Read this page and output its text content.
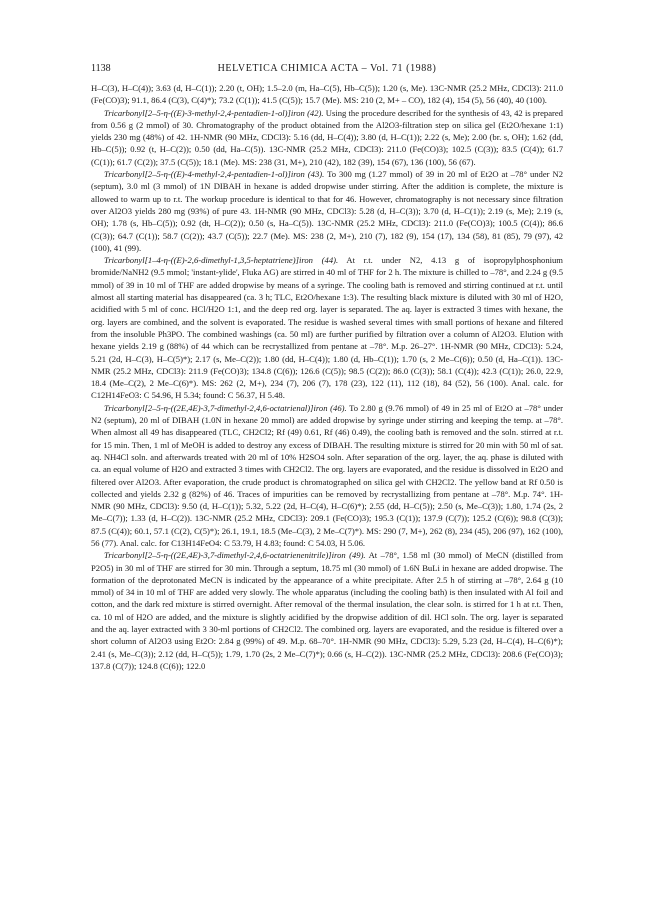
1138	HELVETICA CHIMICA ACTA – Vol. 71 (1988)

H–C(3), H–C(4)); 3.63 (d, H–C(1)); 2.20 (t, OH); 1.5–2.0 (m, Ha–C(5), Hb–C(5)); 1.20 (s, Me). 13C-NMR (25.2 MHz, CDCl3): 211.0 (Fe(CO)3); 91.1, 86.4 (C(3), C(4)*); 73.2 (C(1)); 41.5 (C(5)); 15.7 (Me). MS: 210 (2, M+ – CO), 182 (4), 154 (5), 56 (40), 40 (100).

Tricarbonyl[2–5-η-((E)-3-methyl-2,4-pentadien-1-ol)]iron (42). Using the procedure described for the synthesis of 43, 42 is prepared from 0.56 g (2 mmol) of 30. Chromatography of the product obtained from the Al2O3-filtration step on silica gel (Et2O/hexane 1:1) yields 230 mg (48%) of 42. 1H-NMR (90 MHz, CDCl3): 5.16 (dd, H–C(4)); 3.80 (d, H–C(1)); 2.22 (s, Me); 2.00 (br. s, OH); 1.62 (dd, Hb–C(5)); 0.92 (t, H–C(2)); 0.50 (dd, Ha–C(5)). 13C-NMR (25.2 MHz, CDCl3): 211.0 (Fe(CO)3); 102.5 (C(3)); 83.5 (C(4)); 61.7 (C(1)); 61.7 (C(2)); 37.5 (C(5)); 18.1 (Me). MS: 238 (31, M+), 210 (42), 182 (39), 154 (67), 136 (100), 56 (67).

Tricarbonyl[2–5-η-((E)-4-methyl-2,4-pentadien-1-ol)]iron (43). To 300 mg (1.27 mmol) of 39 in 20 ml of Et2O at –78° under N2 (septum), 3.0 ml (3 mmol) of 1N DIBAH in hexane is added dropwise under stirring. After the addition is complete, the mixture is allowed to warm up to r.t. The workup procedure is identical to that for 46. However, chromatography is not necessary since filtration over Al2O3 yields 280 mg (93%) of pure 43. 1H-NMR (90 MHz, CDCl3): 5.28 (d, H–C(3)); 3.70 (d, H–C(1)); 2.19 (s, Me); 2.19 (s, OH); 1.78 (s, Hb–C(5)); 0.92 (dt, H–C(2)); 0.50 (s, Ha–C(5)). 13C-NMR (25.2 MHz, CDCl3): 211.0 (Fe(CO)3); 100.5 (C(4)); 86.6 (C(3)); 64.7 (C(1)); 58.7 (C(2)); 43.7 (C(5)); 22.7 (Me). MS: 238 (2, M+), 210 (7), 182 (9), 154 (17), 134 (58), 81 (85), 79 (97), 42 (100), 41 (99).

Tricarbonyl[1–4-η-((E)-2,6-dimethyl-1,3,5-heptatriene)]iron (44). At r.t. under N2, 4.13 g of isopropylphosphonium bromide/NaNH2 (9.5 mmol; 'instant-ylide', Fluka AG) are stirred in 40 ml of THF for 2 h. The mixture is chilled to –78°, and 2.24 g (9.5 mmol) of 39 in 10 ml of THF are added dropwise by means of a syringe. The cooling bath is removed and stirring continued at r.t. until almost all starting material has disappeared (ca. 3 h; TLC, Et2O/hexane 1:3). The resulting black mixture is diluted with 30 ml of H2O, acidified with 5 ml of conc. HCl/H2O 1:1, and the deep red org. layer is separated. The aq. layer is extracted 3 times with hexane, the org. layers are combined, and the solvent is evaporated. The residue is washed several times with small portions of hexane and filtered from the insoluble Ph3PO. The combined washings (ca. 50 ml) are further purified by filtration over a column of Al2O3. Elution with hexane yields 2.19 g (88%) of 44 which can be recrystallized from pentane at –78°. M.p. 26–27°. 1H-NMR (90 MHz, CDCl3): 5.24, 5.21 (2d, H–C(3), H–C(5)*); 2.17 (s, Me–C(2)); 1.80 (dd, H–C(4)); 1.80 (d, Hb–C(1)); 1.70 (s, 2 Me–C(6)); 0.50 (d, Ha–C(1)). 13C-NMR (25.2 MHz, CDCl3): 211.9 (Fe(CO)3); 134.8 (C(6)); 126.6 (C(5)); 98.5 (C(2)); 86.0 (C(3)); 58.1 (C(4)); 42.3 (C(1)); 26.0, 22.9, 18.4 (Me–C(2), 2 Me–C(6)*). MS: 262 (2, M+), 234 (7), 206 (7), 178 (23), 122 (11), 112 (18), 84 (52), 56 (100). Anal. calc. for C12H14FeO3: C 54.96, H 5.34; found: C 56.37, H 5.48.

Tricarbonyl[2–5-η-((2E,4E)-3,7-dimethyl-2,4,6-octatrienal)]iron (46). To 2.80 g (9.76 mmol) of 49 in 25 ml of Et2O at –78° under N2 (septum), 20 ml of DIBAH (1.0N in hexane 20 mmol) are added dropwise by syringe under stirring and keeping the temp. at –78°. When almost all 49 has disappeared (TLC, CH2Cl2; Rf (49) 0.61, Rf (46) 0.49), the cooling bath is removed and the soln. stirred at r.t. for 15 min. Then, 1 ml of MeOH is added to destroy any excess of DIBAH. The resulting mixture is stirred for 20 min with 50 ml of sat. aq. NH4Cl soln. and afterwards treated with 20 ml of 10% H2SO4 soln. After separation of the org. layer, the aq. phase is diluted with ca. an equal volume of H2O and extracted 3 times with CH2Cl2. The org. layers are evaporated, and the residue is dissolved in Et2O and filtered over Al2O3. After evaporation, the crude product is chromatographed on silica gel with CH2Cl2. The yellow band at Rf 0.50 is collected and yields 2.32 g (82%) of 46. Traces of impurities can be removed by recrystallizing from pentane at –78°. M.p. 74°. 1H-NMR (90 MHz, CDCl3): 9.50 (d, H–C(1)); 5.32, 5.22 (2d, H–C(4), H–C(6)*); 2.55 (dd, H–C(5)); 2.50 (s, Me–C(3)); 1.80, 1.74 (2s, 2 Me–C(7)); 1.33 (d, H–C(2)). 13C-NMR (25.2 MHz, CDCl3): 209.1 (Fe(CO)3); 195.3 (C(1)); 137.9 (C(7)); 125.2 (C(6)); 98.8 (C(3)); 87.5 (C(4)); 60.1, 57.1 (C(2), C(5)*); 26.1, 19.1, 18.5 (Me–C(3), 2 Me–C(7)*). MS: 290 (7, M+), 262 (8), 234 (45), 206 (97), 162 (100), 56 (77). Anal. calc. for C13H14FeO4: C 53.79, H 4.83; found: C 54.03, H 5.06.

Tricarbonyl[2–5-η-((2E,4E)-3,7-dimethyl-2,4,6-octatrienenitrile)]iron (49). At –78°, 1.58 ml (30 mmol) of MeCN (distilled from P2O5) in 30 ml of THF are stirred for 30 min. Through a septum, 18.75 ml (30 mmol) of 1.6N BuLi in hexane are added dropwise. The formation of the deprotonated MeCN is indicated by the appearance of a white precipitate. After 2.5 h of stirring at –78°, 2.64 g (10 mmol) of 34 in 10 ml of THF are added very slowly. The whole apparatus (including the cooling bath) is then insulated with Al foil and cotton, and the dark red mixture is stirred overnight. After removal of the thermal insulation, the clear soln. is stirred for 1 h at r.t. Then, ca. 10 ml of H2O are added, and the mixture is slightly acidified by the dropwise addition of dil. HCl soln. The org. layer is separated and the aq. layer extracted with 3 30-ml portions of CH2Cl2. The combined org. layers are evaporated, and the residue is filtered over a short column of Al2O3 using Et2O: 2.84 g (99%) of 49. M.p. 68–70°. 1H-NMR (90 MHz, CDCl3): 5.29, 5.23 (2d, H–C(4), H–C(6)*); 2.41 (s, Me–C(3)); 2.12 (dd, H–C(5)); 1.79, 1.70 (2s, 2 Me–C(7)*); 0.66 (s, H–C(2)). 13C-NMR (25.2 MHz, CDCl3): 208.6 (Fe(CO)3); 137.8 (C(7)); 124.8 (C(6)); 122.0
